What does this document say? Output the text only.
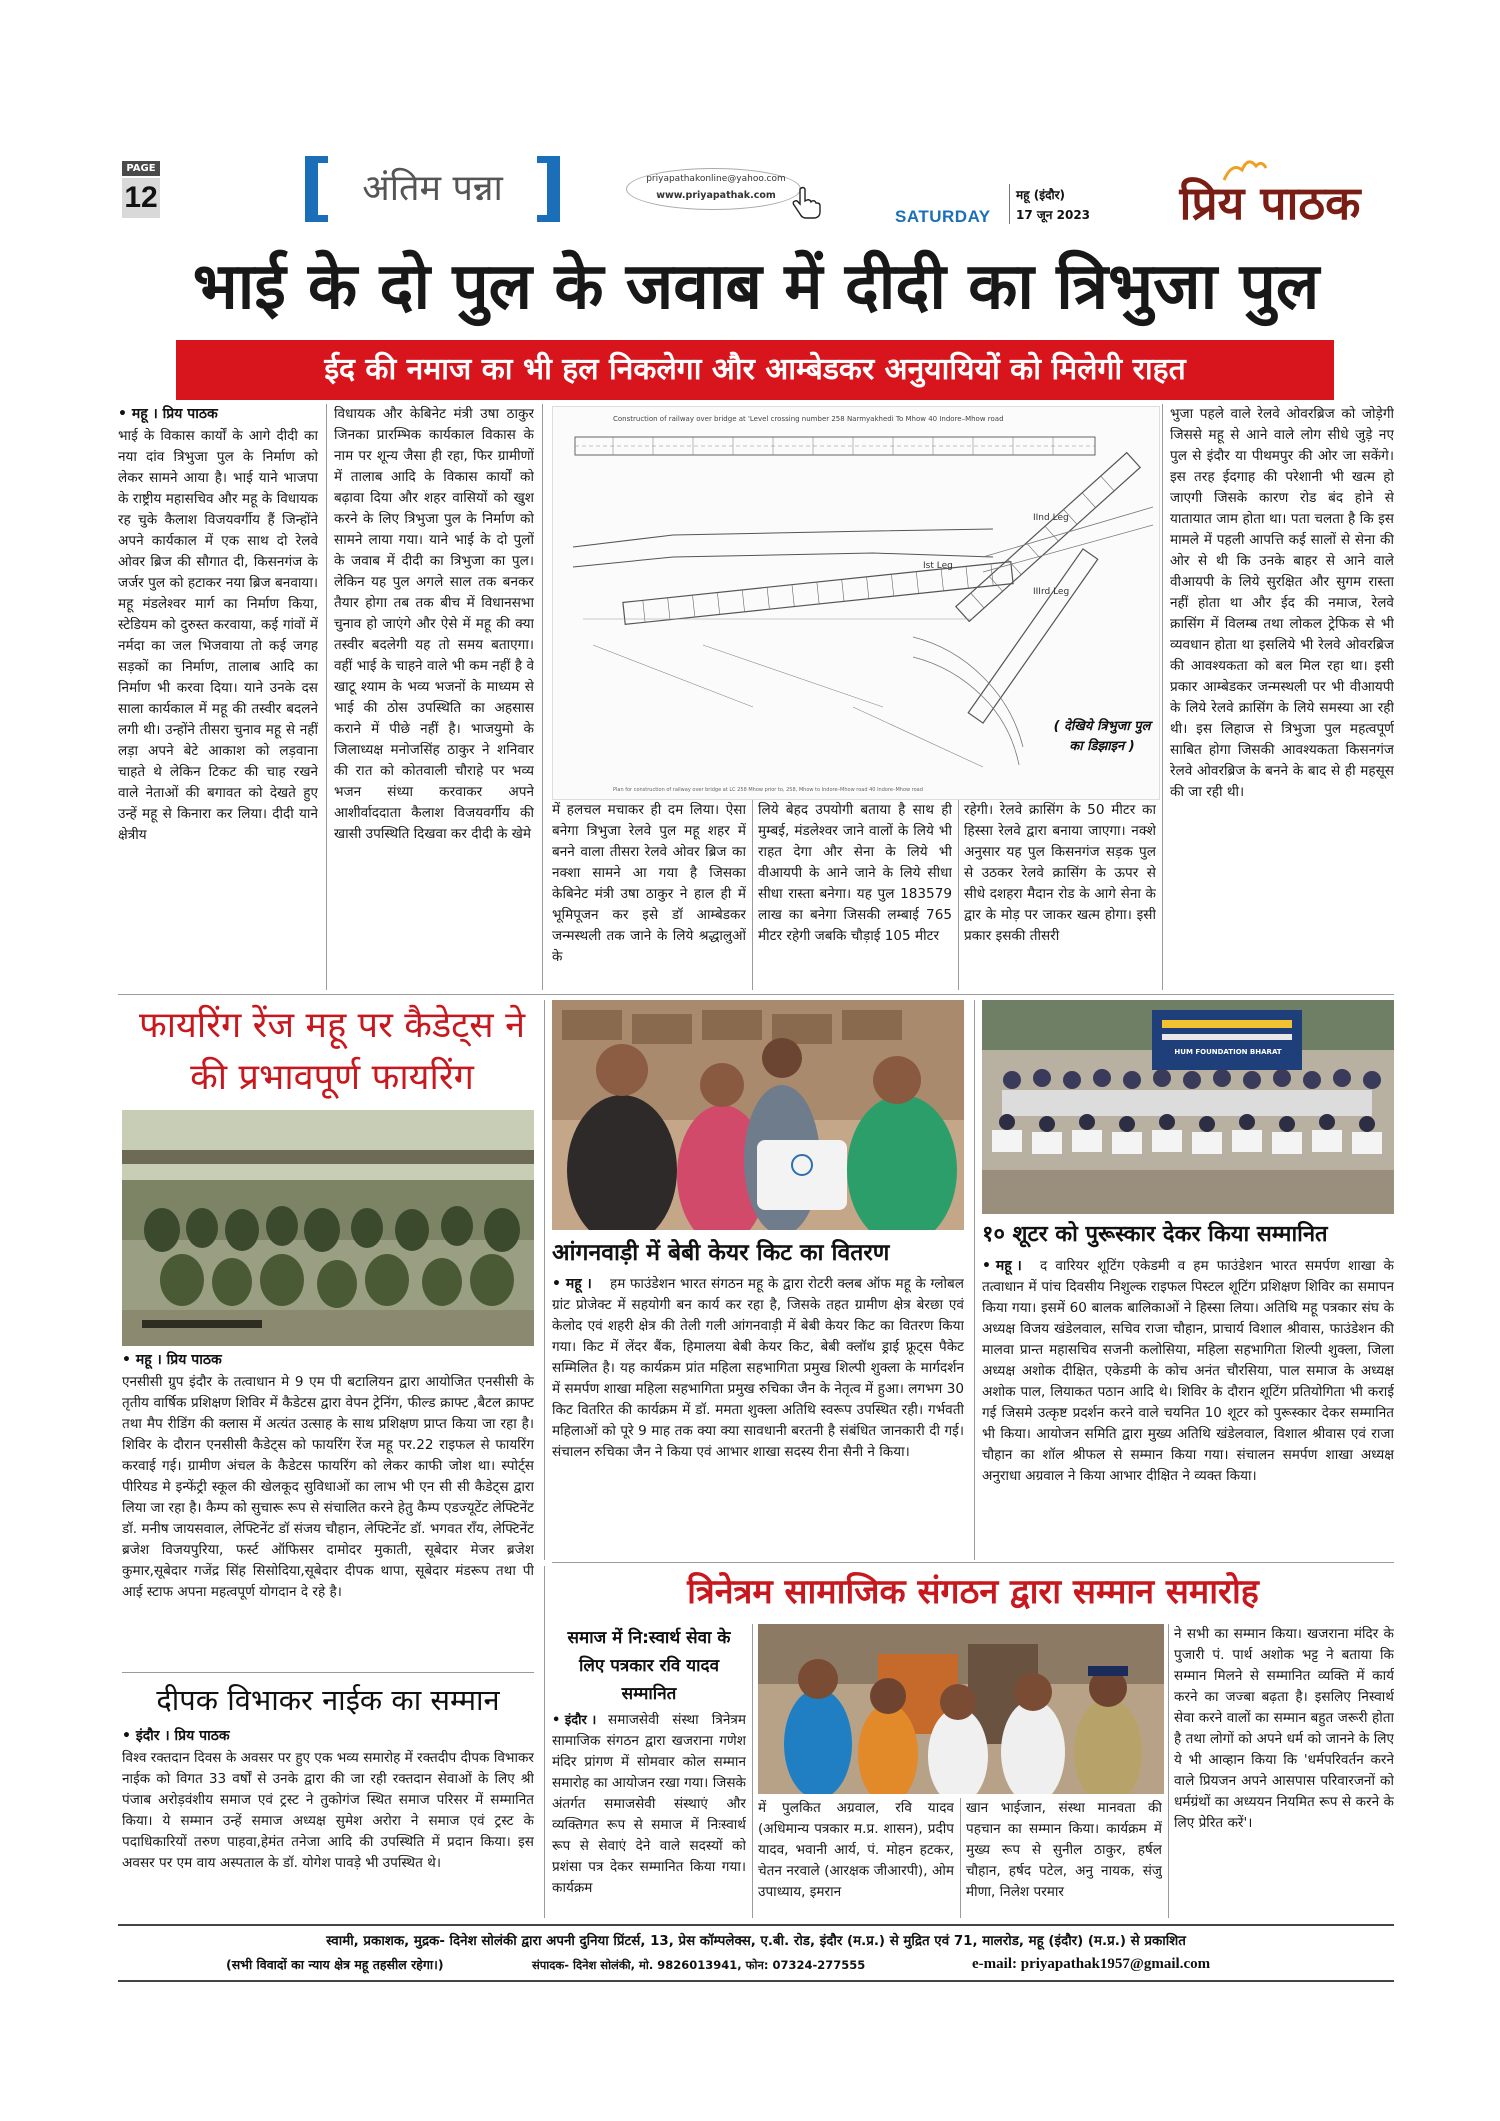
PAGE
12	अंतिम पन्ना	priyapathakonline@yahoo.com
www.priyapathak.com
SATURDAY
महू (इंदौर)
17 जून 2023	प्रिय पाठक
भाई के दो पुल के जवाब में दीदी का त्रिभुजा पुल
ईद की नमाज का भी हल निकलेगा और आम्बेडकर अनुयायियों को मिलेगी राहत
• महू । प्रिय पाठक
भाई के विकास कार्यों के आगे दीदी का नया दांव त्रिभुजा पुल के निर्माण को लेकर सामने आया है। भाई याने भाजपा के राष्ट्रीय महासचिव और महू के विधायक रह चुके कैलाश विजयवर्गीय हैं जिन्होंने अपने कार्यकाल में एक साथ दो रेलवे ओवर ब्रिज की सौगात दी, किसनगंज के जर्जर पुल को हटाकर नया ब्रिज बनवाया। महू मंडलेश्वर मार्ग का निर्माण किया, स्टेडियम को दुरुस्त करवाया, कई गांवों में नर्मदा का जल भिजवाया तो कई जगह सड़कों का निर्माण, तालाब आदि का निर्माण भी करवा दिया। याने उनके दस साला कार्यकाल में महू की तस्वीर बदलने लगी थी। उन्होंने तीसरा चुनाव महू से नहीं लड़ा अपने बेटे आकाश को लड़वाना चाहते थे लेकिन टिकट की चाह रखने वाले नेताओं की बगावत को देखते हुए उन्हें महू से किनारा कर लिया। दीदी याने क्षेत्रीय
विधायक और केबिनेट मंत्री उषा ठाकुर जिनका प्रारम्भिक कार्यकाल विकास के नाम पर शून्य जैसा ही रहा, फिर ग्रामीणों में तालाब आदि के विकास कार्यों को बढ़ावा दिया और शहर वासियों को खुश करने के लिए त्रिभुजा पुल के निर्माण को सामने लाया गया। याने भाई के दो पुलों के जवाब में दीदी का त्रिभुजा का पुल। लेकिन यह पुल अगले साल तक बनकर तैयार होगा तब तक बीच में विधानसभा चुनाव हो जाएंगे और ऐसे में महू की क्या तस्वीर बदलेगी यह तो समय बताएगा। वहीं भाई के चाहने वाले भी कम नहीं है वे खाटू श्याम के भव्य भजनों के माध्यम से भाई की ठोस उपस्थिति का अहसास कराने में पीछे नहीं है। भाजयुमो के जिलाध्यक्ष मनोजसिंह ठाकुर ने शनिवार की रात को कोतवाली चौराहे पर भव्य भजन संध्या करवाकर अपने आशीर्वाददाता कैलाश विजयवर्गीय की खासी उपस्थिति दिखवा कर दीदी के खेमे
Construction of railway over bridge at 'Level crossing number 258 Narmyakhedi To Mhow 40 Indore–Mhow road
IInd Leg
Ist Leg
IIIrd Leg
Plan for construction of railway over bridge at LC 258 Mhow prior to, 258, Mhow to Indore–Mhow road 40 Indore–Mhow road
( देखिये त्रिभुजा पुल का डिझाइन )
में हलचल मचाकर ही दम लिया। ऐसा बनेगा त्रिभुजा रेलवे पुल महू शहर में बनने वाला तीसरा रेलवे ओवर ब्रिज का नक्शा सामने आ गया है जिसका केबिनेट मंत्री उषा ठाकुर ने हाल ही में भूमिपूजन कर इसे डॉ आम्बेडकर जन्मस्थली तक जाने के लिये श्रद्धालुओं के
लिये बेहद उपयोगी बताया है साथ ही मुम्बई, मंडलेश्वर जाने वालों के लिये भी राहत देगा और सेना के लिये भी वीआयपी के आने जाने के लिये सीधा सीधा रास्ता बनेगा। यह पुल 183579 लाख का बनेगा जिसकी लम्बाई 765 मीटर रहेगी जबकि चौड़ाई 105 मीटर
रहेगी। रेलवे क्रासिंग के 50 मीटर का हिस्सा रेलवे द्वारा बनाया जाएगा। नक्शे अनुसार यह पुल किसनगंज सड़क पुल से उठकर रेलवे क्रासिंग के ऊपर से सीधे दशहरा मैदान रोड के आगे सेना के द्वार के मोड़ पर जाकर खत्म होगा। इसी प्रकार इसकी तीसरी
भुजा पहले वाले रेलवे ओवरब्रिज को जोड़ेगी जिससे महू से आने वाले लोग सीधे जुड़े नए पुल से इंदौर या पीथमपुर की ओर जा सकेंगे। इस तरह ईदगाह की परेशानी भी खत्म हो जाएगी जिसके कारण रोड बंद होने से यातायात जाम होता था। पता चलता है कि इस मामले में पहली आपत्ति कई सालों से सेना की ओर से थी कि उनके बाहर से आने वाले वीआयपी के लिये सुरक्षित और सुगम रास्ता नहीं होता था और ईद की नमाज, रेलवे क्रासिंग में विलम्ब तथा लोकल ट्रेफिक से भी व्यवधान होता था इसलिये भी रेलवे ओवरब्रिज की आवश्यकता को बल मिल रहा था। इसी प्रकार आम्बेडकर जन्मस्थली पर भी वीआयपी के लिये रेलवे क्रासिंग के लिये समस्या आ रही थी। इस लिहाज से त्रिभुजा पुल महत्वपूर्ण साबित होगा जिसकी आवश्यकता किसनगंज रेलवे ओवरब्रिज के बनने के बाद से ही महसूस की जा रही थी।
फायरिंग रेंज महू पर कैडेट्स ने की प्रभावपूर्ण फायरिंग
• महू । प्रिय पाठक
एनसीसी ग्रुप इंदौर के तत्वाधान मे 9 एम पी बटालियन द्वारा आयोजित एनसीसी के तृतीय वार्षिक प्रशिक्षण शिविर में कैडेटस द्वारा वेपन ट्रेनिंग, फील्ड क्राफ्ट ,बैटल क्राफ्ट तथा मैप रीडिंग की क्लास में अत्यंत उत्साह के साथ प्रशिक्षण प्राप्त किया जा रहा है। शिविर के दौरान एनसीसी कैडेट्स को फायरिंग रेंज महू पर.22 राइफल से फायरिंग करवाई गई। ग्रामीण अंचल के कैडेटस फायरिंग को लेकर काफी जोश था। स्पोर्ट्स पीरियड मे इन्फेंट्री स्कूल की खेलकूद सुविधाओं का लाभ भी एन सी सी कैडेट्स द्वारा लिया जा रहा है। कैम्प को सुचारू रूप से संचालित करने हेतु कैम्प एडज्यूटेंट लेफ्टिनेंट डॉ. मनीष जायसवाल, लेफ्टिनेंट डॉ संजय चौहान, लेफ्टिनेंट डॉ. भगवत राँय, लेफ्टिनेंट ब्रजेश विजयपुरिया, फर्स्ट ऑफिसर दामोदर मुकाती, सूबेदार मेजर ब्रजेश कुमार,सूबेदार गजेंद्र सिंह सिसोदिया,सूबेदार दीपक थापा, सूबेदार मंडरूप तथा पी आई स्टाफ अपना महत्वपूर्ण योगदान दे रहे है।
आंगनवाड़ी में बेबी केयर किट का वितरण
• महू ।	हम फाउंडेशन भारत संगठन महू के द्वारा रोटरी क्लब ऑफ महू के ग्लोबल ग्रांट प्रोजेक्ट में सहयोगी बन कार्य कर रहा है, जिसके तहत ग्रामीण क्षेत्र बेरछा एवं केलोद एवं शहरी क्षेत्र की तेली गली आंगनवाड़ी में बेबी केयर किट का वितरण किया गया। किट में लेंदर बैंक, हिमालया बेबी केयर किट, बेबी क्लॉथ ड्राई फ्रूट्स पैकेट सम्मिलित है। यह कार्यक्रम प्रांत महिला सहभागिता प्रमुख शिल्पी शुक्ला के मार्गदर्शन में समर्पण शाखा महिला सहभागिता प्रमुख रुचिका जैन के नेतृत्व में हुआ। लगभग 30 किट वितरित की कार्यक्रम में डॉ. ममता शुक्ला अतिथि स्वरूप उपस्थित रही। गर्भवती महिलाओं को पूरे 9 माह तक क्या क्या सावधानी बरतनी है संबंधित जानकारी दी गई। संचालन रुचिका जैन ने किया एवं आभार शाखा सदस्य रीना सैनी ने किया।
HUM FOUNDATION BHARAT
१० शूटर को पुरूस्कार देकर किया सम्मानित
• महू ।	द वारियर शूटिंग एकेडमी व हम फाउंडेशन भारत समर्पण शाखा के तत्वाधान में पांच दिवसीय निशुल्क राइफल पिस्टल शूटिंग प्रशिक्षण शिविर का समापन किया गया। इसमें 60 बालक बालिकाओं ने हिस्सा लिया। अतिथि महू पत्रकार संघ के अध्यक्ष विजय खंडेलवाल, सचिव राजा चौहान, प्राचार्य विशाल श्रीवास, फाउंडेशन की मालवा प्रान्त महासचिव सजनी कलोसिया, महिला सहभागिता शिल्पी शुक्ला, जिला अध्यक्ष अशोक दीक्षित, एकेडमी के कोच अनंत चौरसिया, पाल समाज के अध्यक्ष अशोक पाल, लियाकत पठान आदि थे। शिविर के दौरान शूटिंग प्रतियोगिता भी कराई गई जिसमे उत्कृष्ट प्रदर्शन करने वाले चयनित 10 शूटर को पुरूस्कार देकर सम्मानित भी किया। आयोजन समिति द्वारा मुख्य अतिथि खंडेलवाल, विशाल श्रीवास एवं राजा चौहान का शॉल श्रीफल से सम्मान किया गया। संचालन समर्पण शाखा अध्यक्ष अनुराधा अग्रवाल ने किया आभार दीक्षित ने व्यक्त किया।
दीपक विभाकर नाईक का सम्मान
• इंदौर । प्रिय पाठक
विश्व रक्तदान दिवस के अवसर पर हुए एक भव्य समारोह में रक्तदीप दीपक विभाकर नाईक को विगत 33 वर्षों से उनके द्वारा की जा रही रक्तदान सेवाओं के लिए श्री पंजाब अरोड़वंशीय समाज एवं ट्रस्ट ने तुकोगंज स्थित समाज परिसर में सम्मानित किया। ये सम्मान उन्हें समाज अध्यक्ष सुमेश अरोरा ने समाज एवं ट्रस्ट के पदाधिकारियों तरुण पाहवा,हेमंत तनेजा आदि की उपस्थिति में प्रदान किया। इस अवसर पर एम वाय अस्पताल के डॉ. योगेश पावड़े भी उपस्थित थे।
त्रिनेत्रम सामाजिक संगठन द्वारा सम्मान समारोह
समाज में नि:स्वार्थ सेवा के लिए पत्रकार रवि यादव सम्मानित
• इंदौर । समाजसेवी संस्था त्रिनेत्रम सामाजिक संगठन द्वारा खजराना गणेश मंदिर प्रांगण में सोमवार कोल सम्मान समारोह का आयोजन रखा गया। जिसके अंतर्गत समाजसेवी संस्थाएं और व्यक्तिगत रूप से समाज में निःस्वार्थ रूप से सेवाएं देने वाले सदस्यों को प्रशंसा पत्र देकर सम्मानित किया गया। कार्यक्रम
में पुलकित अग्रवाल, रवि यादव (अधिमान्य पत्रकार म.प्र. शासन), प्रदीप यादव, भवानी आर्य, पं. मोहन हटकर, चेतन नरवाले (आरक्षक जीआरपी), ओम उपाध्याय, इमरान
खान भाईजान, संस्था मानवता की पहचान का सम्मान किया। कार्यक्रम में मुख्य रूप से सुनील ठाकुर, हर्षल चौहान, हर्षद पटेल, अनु नायक, संजु मीणा, निलेश परमार
ने सभी का सम्मान किया। खजराना मंदिर के पुजारी पं. पार्थ अशोक भट्ट ने बताया कि सम्मान मिलने से सम्मानित व्यक्ति में कार्य करने का जज्बा बढ़ता है। इसलिए निस्वार्थ सेवा करने वालों का सम्मान बहुत जरूरी होता है तथा लोगों को अपने धर्म को जानने के लिए ये भी आव्हान किया कि 'धर्मपरिवर्तन करने वाले प्रियजन अपने आसपास परिवारजनों को धर्मग्रंथों का अध्ययन नियमित रूप से करने के लिए प्रेरित करें'।
स्वामी, प्रकाशक, मुद्रक- दिनेश सोलंकी द्वारा अपनी दुनिया प्रिंटर्स, 13, प्रेस कॉम्पलेक्स, ए.बी. रोड, इंदौर (म.प्र.) से मुद्रित एवं 71, मालरोड, महू (इंदौर) (म.प्र.) से प्रकाशित
(सभी विवादों का न्याय क्षेत्र महू तहसील रहेगा।)	संपादक- दिनेश सोलंकी, मो. 9826013941, फोन: 07324-277555	e-mail: priyapathak1957@gmail.com
